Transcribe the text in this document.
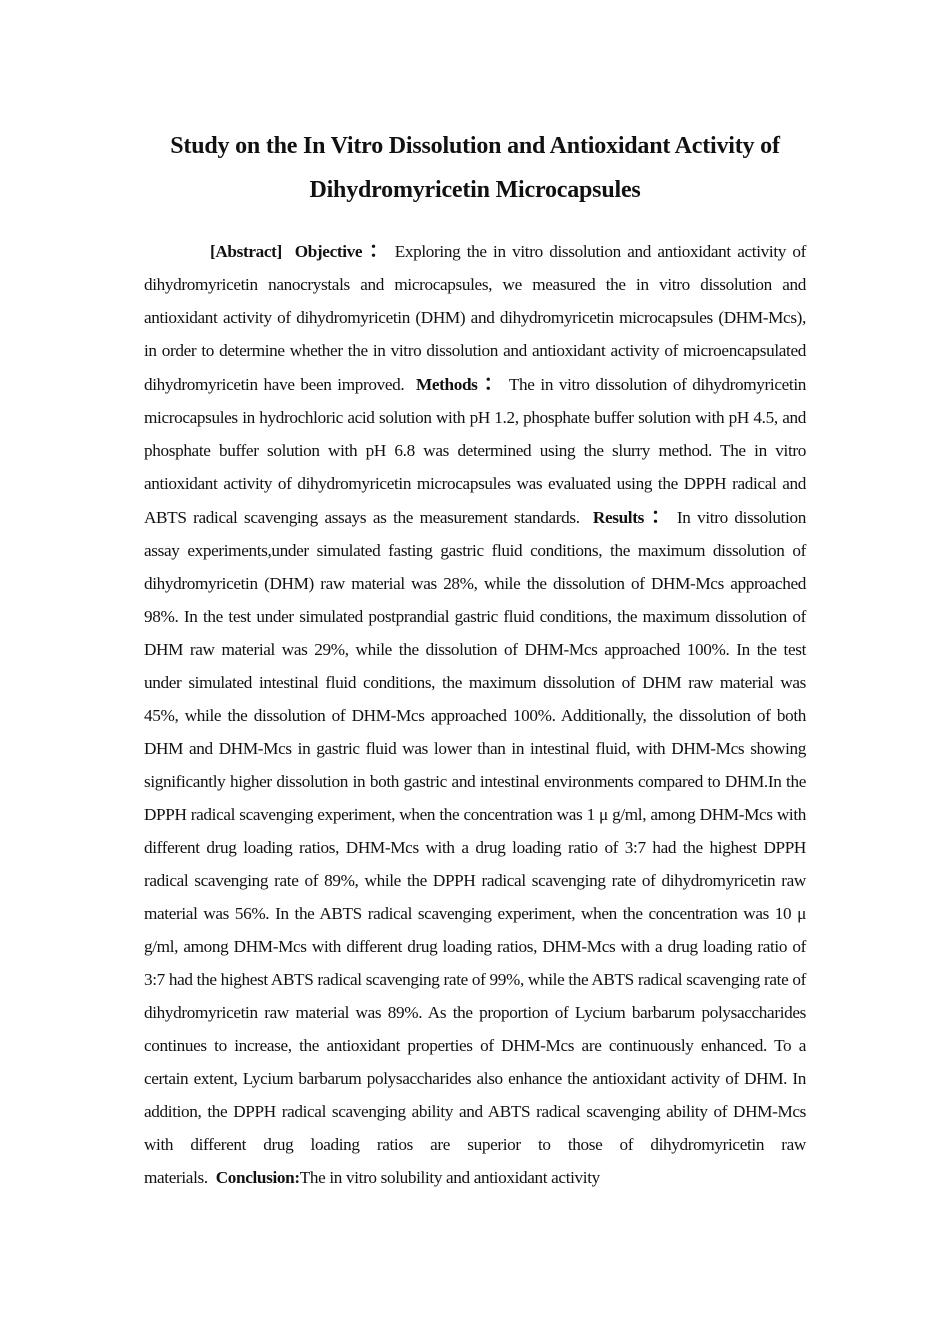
Study on the In Vitro Dissolution and Antioxidant Activity of
Dihydromyricetin Microcapsules

[Abstract] Objective ： Exploring the in vitro dissolution and antioxidant activity of dihydromyricetin nanocrystals and microcapsules, we measured the in vitro dissolution and antioxidant activity of dihydromyricetin (DHM) and dihydromyricetin microcapsules (DHM-Mcs), in order to determine whether the in vitro dissolution and antioxidant activity of microencapsulated dihydromyricetin have been improved. Methods ： The in vitro dissolution of dihydromyricetin microcapsules in hydrochloric acid solution with pH 1.2, phosphate buffer solution with pH 4.5, and phosphate buffer solution with pH 6.8 was determined using the slurry method. The in vitro antioxidant activity of dihydromyricetin microcapsules was evaluated using the DPPH radical and ABTS radical scavenging assays as the measurement standards. Results ： In vitro dissolution assay experiments,under simulated fasting gastric fluid conditions, the maximum dissolution of dihydromyricetin (DHM) raw material was 28%, while the dissolution of DHM-Mcs approached 98%. In the test under simulated postprandial gastric fluid conditions, the maximum dissolution of DHM raw material was 29%, while the dissolution of DHM-Mcs approached 100%. In the test under simulated intestinal fluid conditions, the maximum dissolution of DHM raw material was 45%, while the dissolution of DHM-Mcs approached 100%. Additionally, the dissolution of both DHM and DHM-Mcs in gastric fluid was lower than in intestinal fluid, with DHM-Mcs showing significantly higher dissolution in both gastric and intestinal environments compared to DHM.In the DPPH radical scavenging experiment, when the concentration was 1 μ g/ml, among DHM-Mcs with different drug loading ratios, DHM-Mcs with a drug loading ratio of 3:7 had the highest DPPH radical scavenging rate of 89%, while the DPPH radical scavenging rate of dihydromyricetin raw material was 56%. In the ABTS radical scavenging experiment, when the concentration was 10 μ g/ml, among DHM-Mcs with different drug loading ratios, DHM-Mcs with a drug loading ratio of 3:7 had the highest ABTS radical scavenging rate of 99%, while the ABTS radical scavenging rate of dihydromyricetin raw material was 89%. As the proportion of Lycium barbarum polysaccharides continues to increase, the antioxidant properties of DHM-Mcs are continuously enhanced. To a certain extent, Lycium barbarum polysaccharides also enhance the antioxidant activity of DHM. In addition, the DPPH radical scavenging ability and ABTS radical scavenging ability of DHM-Mcs with different drug loading ratios are superior to those of dihydromyricetin raw materials. Conclusion:The in vitro solubility and antioxidant activity
